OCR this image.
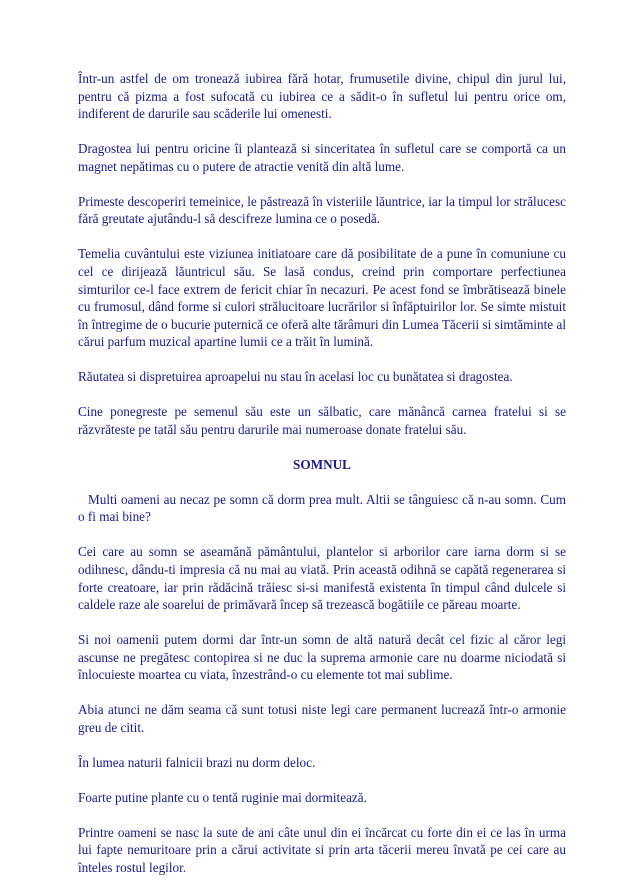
Într-un astfel de om tronează iubirea fără hotar, frumusetile divine, chipul din jurul lui, pentru că pizma a fost sufocată cu iubirea ce a sădit-o în sufletul lui pentru orice om, indiferent de darurile sau scăderile lui omenesti.

Dragostea lui pentru oricine îi plantează si sinceritatea în sufletul care se comportă ca un magnet nepătimas cu o putere de atractie venită din altă lume.

Primeste descoperiri temeinice, le păstrează în visteriile lăuntrice, iar la timpul lor strălucesc fără greutate ajutându-l să descifreze lumina ce o posedă.

Temelia cuvântului este viziunea initiatoare care dă posibilitate de a pune în comuniune cu cel ce dirijează lăuntricul său. Se lasă condus, creind prin comportare perfectiunea simturilor ce-l face extrem de fericit chiar în necazuri. Pe acest fond se îmbrătisează binele cu frumosul, dând forme si culori strălucitoare lucrărilor si înfăptuirilor lor. Se simte mistuit în întregime de o bucurie puternică ce oferă alte tărâmuri din Lumea Tăcerii si simtăminte al cărui parfum muzical apartine lumii ce a trăit în lumină.

Răutatea si dispretuirea aproapelui nu stau în acelasi loc cu bunătatea si dragostea.

Cine ponegreste pe semenul său este un sălbatic, care mănâncă carnea fratelui si se răzvrăteste pe tatăl său pentru darurile mai numeroase donate fratelui său.

SOMNUL

Multi oameni au necaz pe somn că dorm prea mult. Altii se tânguiesc că n-au somn. Cum o fi mai bine?

Cei care au somn se aseamănă pământului, plantelor si arborilor care iarna dorm si se odihnesc, dându-ti impresia că nu mai au viată. Prin această odihnă se capătă regenerarea si forte creatoare, iar prin rădăcină trăiesc si-si manifestă existenta în timpul când dulcele si caldele raze ale soarelui de primăvară încep să trezească bogătiile ce păreau moarte.

Si noi oamenii putem dormi dar într-un somn de altă natură decât cel fizic al căror legi ascunse ne pregătesc contopirea si ne duc la suprema armonie care nu doarme niciodată si înlocuieste moartea cu viata, înzestrând-o cu elemente tot mai sublime.

Abia atunci ne dăm seama că sunt totusi niste legi care permanent lucrează într-o armonie greu de citit.

În lumea naturii falnicii brazi nu dorm deloc.

Foarte putine plante cu o tentă ruginie mai dormitează.

Printre oameni se nasc la sute de ani câte unul din ei încărcat cu forte din ei ce las în urma lui fapte nemuritoare prin a cărui activitate si prin arta tăcerii mereu învată pe cei care au înteles rostul legilor.
